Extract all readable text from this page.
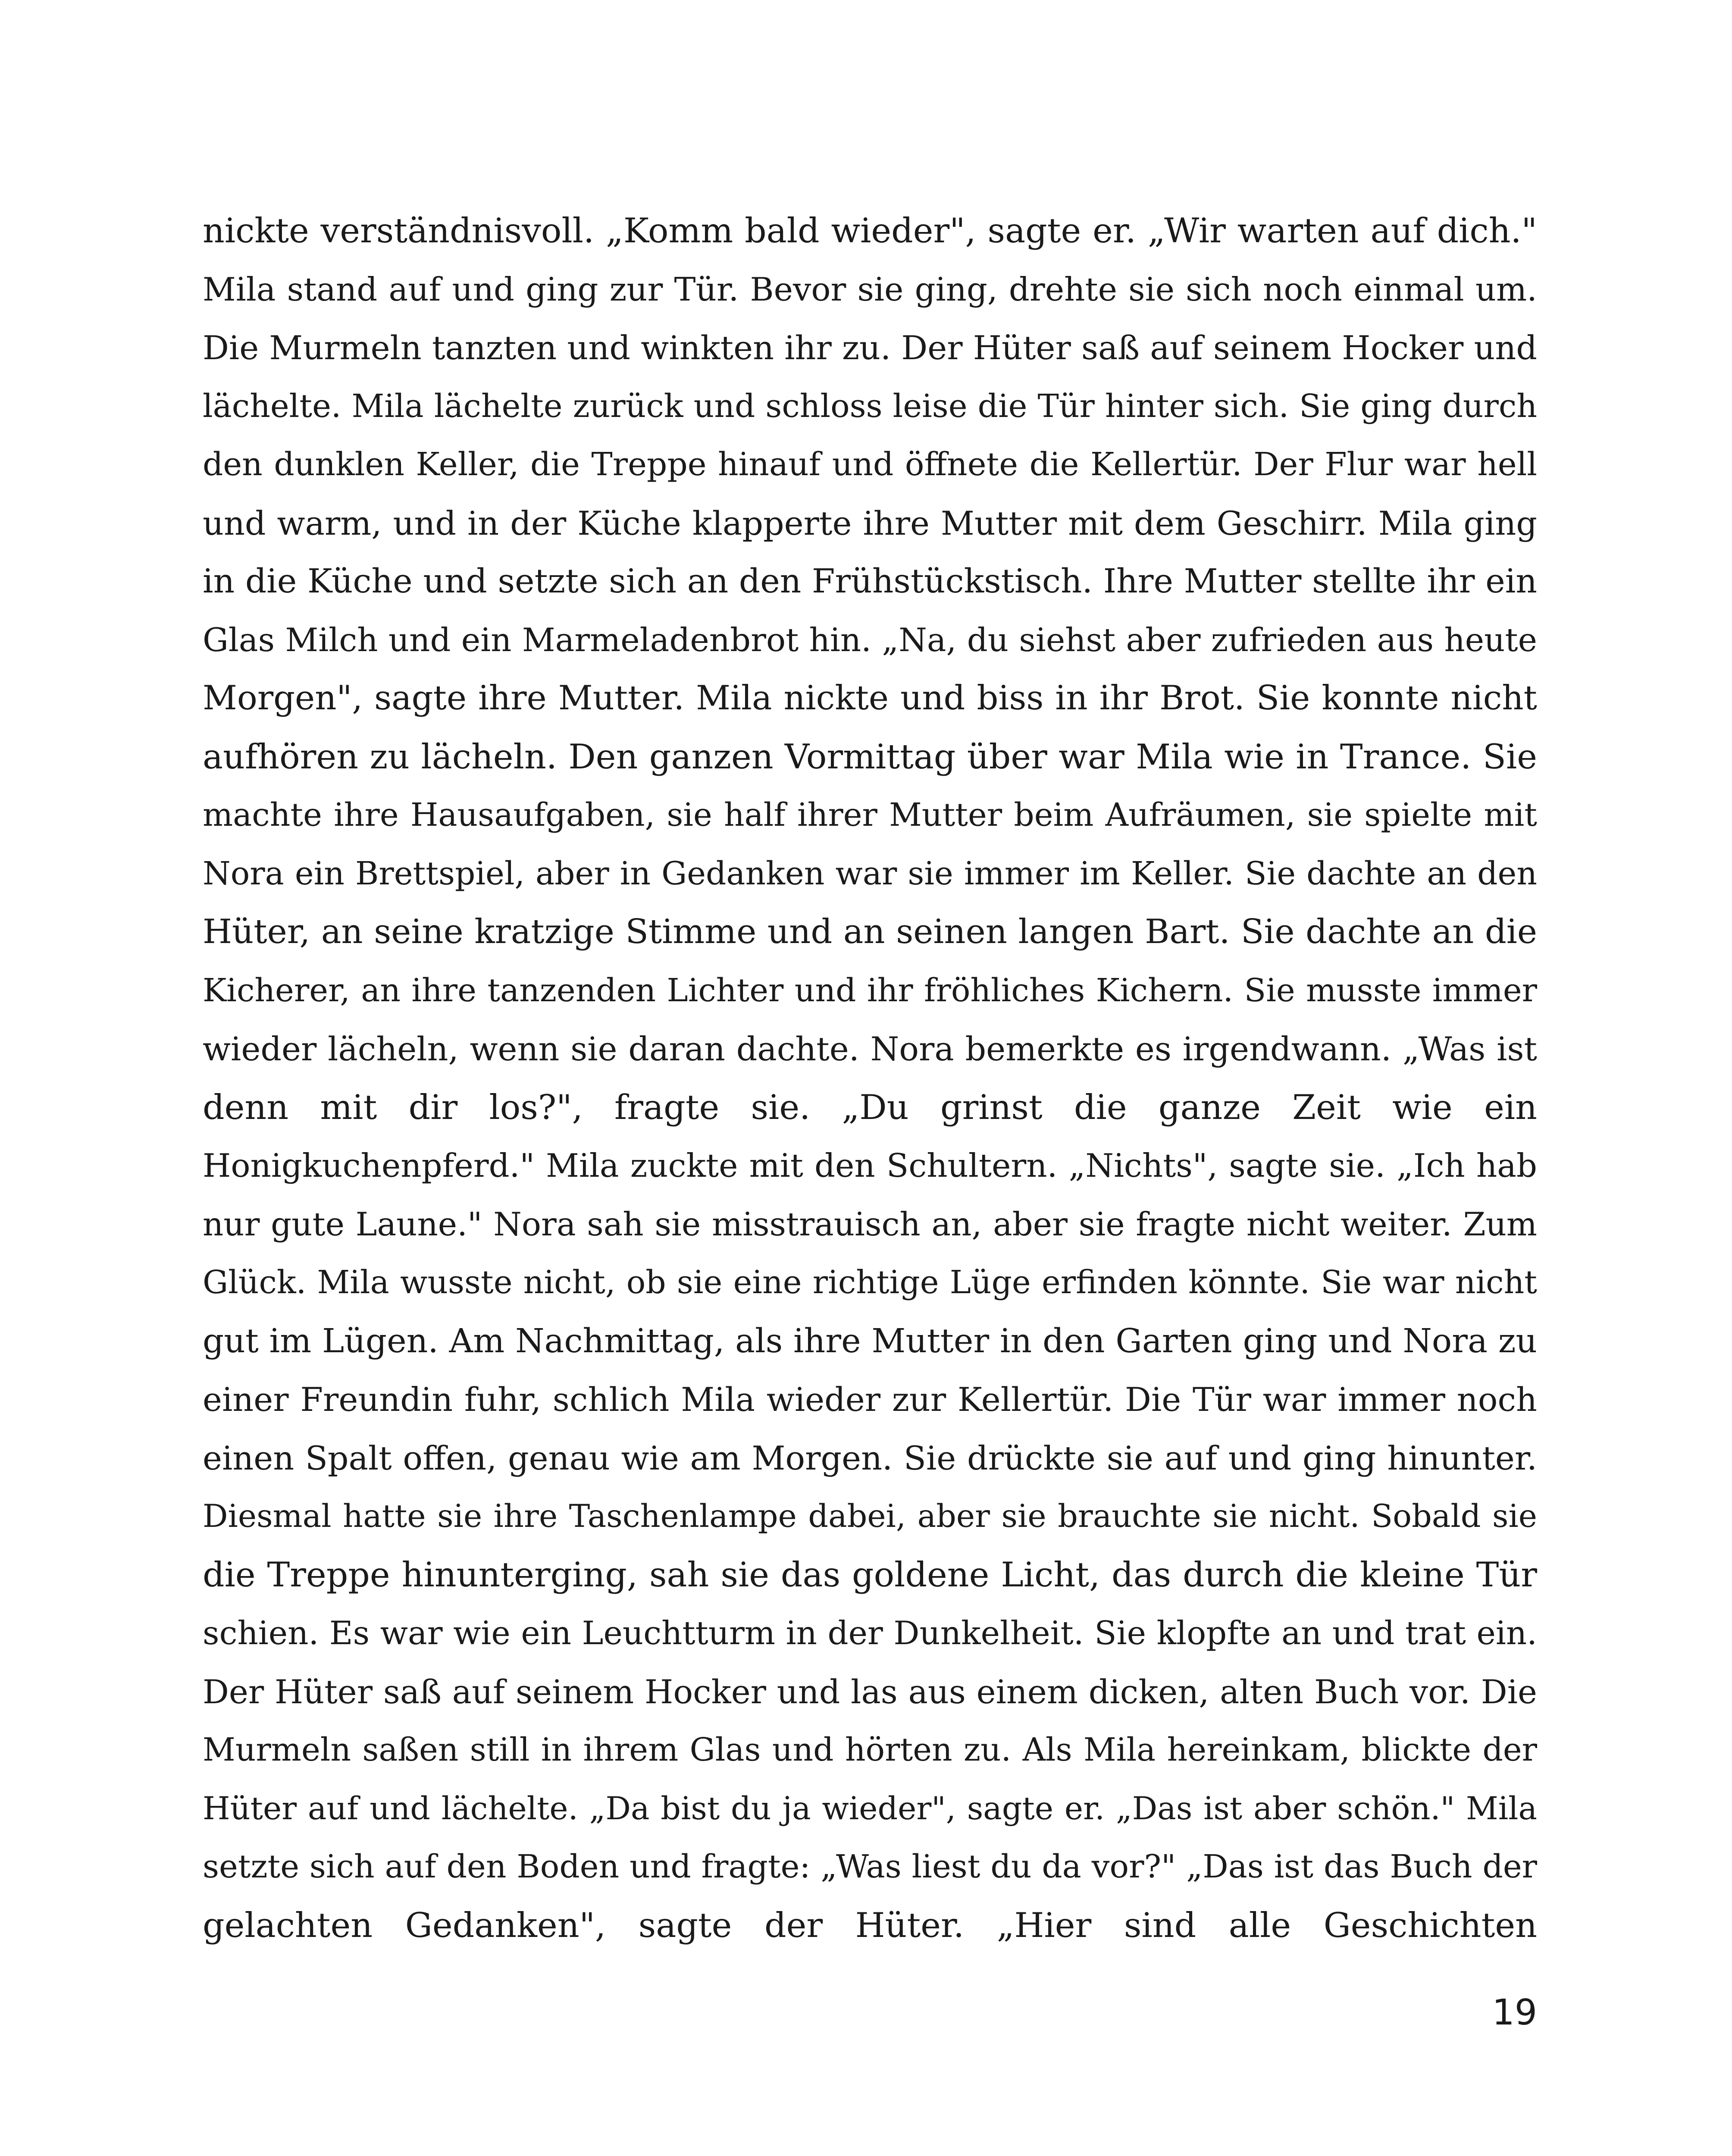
nickte verständnisvoll. „Komm bald wieder", sagte er. „Wir warten auf dich."
Mila stand auf und ging zur Tür. Bevor sie ging, drehte sie sich noch einmal um.
Die Murmeln tanzten und winkten ihr zu. Der Hüter saß auf seinem Hocker und
lächelte. Mila lächelte zurück und schloss leise die Tür hinter sich. Sie ging durch
den dunklen Keller, die Treppe hinauf und öffnete die Kellertür. Der Flur war hell
und warm, und in der Küche klapperte ihre Mutter mit dem Geschirr. Mila ging
in die Küche und setzte sich an den Frühstückstisch. Ihre Mutter stellte ihr ein
Glas Milch und ein Marmeladenbrot hin. „Na, du siehst aber zufrieden aus heute
Morgen", sagte ihre Mutter. Mila nickte und biss in ihr Brot. Sie konnte nicht
aufhören zu lächeln. Den ganzen Vormittag über war Mila wie in Trance. Sie
machte ihre Hausaufgaben, sie half ihrer Mutter beim Aufräumen, sie spielte mit
Nora ein Brettspiel, aber in Gedanken war sie immer im Keller. Sie dachte an den
Hüter, an seine kratzige Stimme und an seinen langen Bart. Sie dachte an die
Kicherer, an ihre tanzenden Lichter und ihr fröhliches Kichern. Sie musste immer
wieder lächeln, wenn sie daran dachte. Nora bemerkte es irgendwann. „Was ist
denn mit dir los?", fragte sie. „Du grinst die ganze Zeit wie ein
Honigkuchenpferd." Mila zuckte mit den Schultern. „Nichts", sagte sie. „Ich hab
nur gute Laune." Nora sah sie misstrauisch an, aber sie fragte nicht weiter. Zum
Glück. Mila wusste nicht, ob sie eine richtige Lüge erfinden könnte. Sie war nicht
gut im Lügen. Am Nachmittag, als ihre Mutter in den Garten ging und Nora zu
einer Freundin fuhr, schlich Mila wieder zur Kellertür. Die Tür war immer noch
einen Spalt offen, genau wie am Morgen. Sie drückte sie auf und ging hinunter.
Diesmal hatte sie ihre Taschenlampe dabei, aber sie brauchte sie nicht. Sobald sie
die Treppe hinunterging, sah sie das goldene Licht, das durch die kleine Tür
schien. Es war wie ein Leuchtturm in der Dunkelheit. Sie klopfte an und trat ein.
Der Hüter saß auf seinem Hocker und las aus einem dicken, alten Buch vor. Die
Murmeln saßen still in ihrem Glas und hörten zu. Als Mila hereinkam, blickte der
Hüter auf und lächelte. „Da bist du ja wieder", sagte er. „Das ist aber schön." Mila
setzte sich auf den Boden und fragte: „Was liest du da vor?" „Das ist das Buch der
gelachten Gedanken", sagte der Hüter. „Hier sind alle Geschichten
19
